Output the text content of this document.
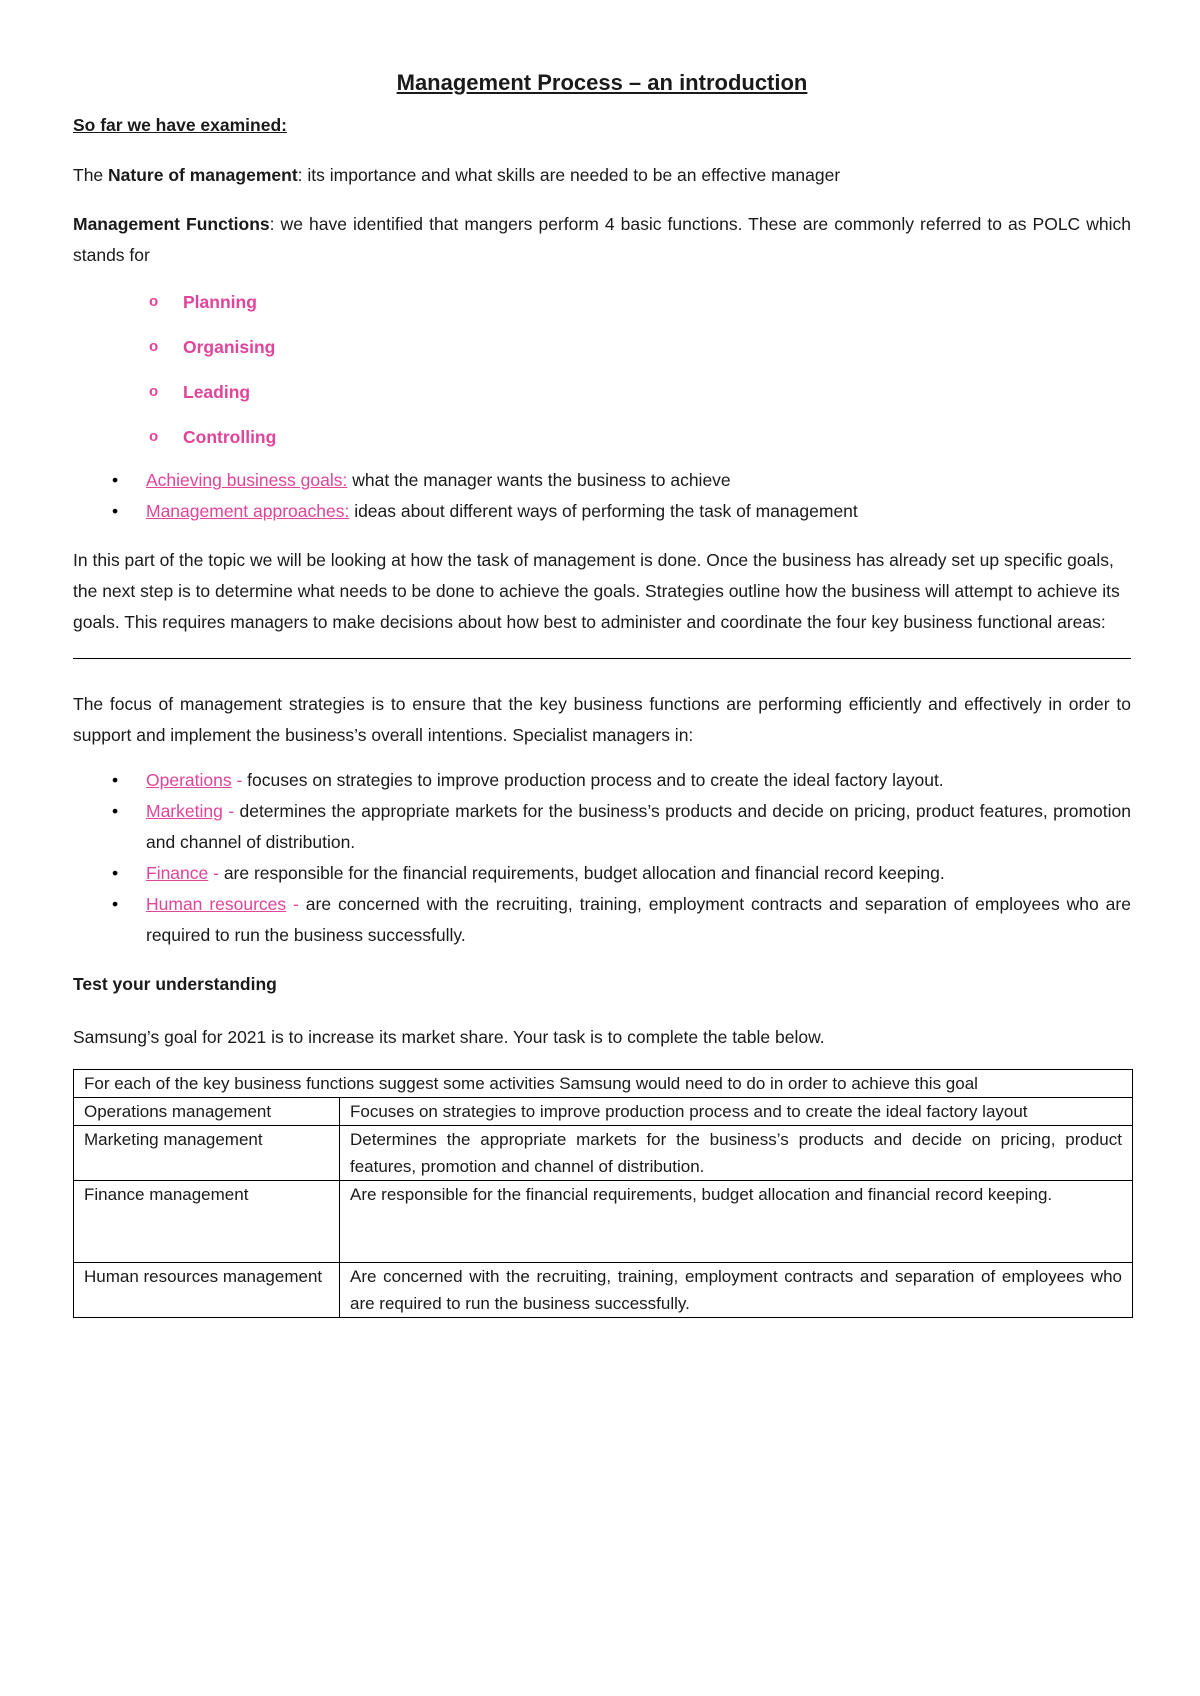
Management Process – an introduction
So far we have examined:

The Nature of management: its importance and what skills are needed to be an effective manager

Management Functions: we have identified that mangers perform 4 basic functions. These are commonly referred to as POLC which stands for

o Planning
o Organising
o Leading
o Controlling
• Achieving business goals: what the manager wants the business to achieve
• Management approaches: ideas about different ways of performing the task of management

In this part of the topic we will be looking at how the task of management is done. Once the business has already set up specific goals, the next step is to determine what needs to be done to achieve the goals. Strategies outline how the business will attempt to achieve its goals. This requires managers to make decisions about how best to administer and coordinate the four key business functional areas:

The focus of management strategies is to ensure that the key business functions are performing efficiently and effectively in order to support and implement the business’s overall intentions. Specialist managers in:

• Operations - focuses on strategies to improve production process and to create the ideal factory layout.
• Marketing - determines the appropriate markets for the business’s products and decide on pricing, product features, promotion and channel of distribution.
• Finance - are responsible for the financial requirements, budget allocation and financial record keeping.
• Human resources - are concerned with the recruiting, training, employment contracts and separation of employees who are required to run the business successfully.

Test your understanding

Samsung’s goal for 2021 is to increase its market share. Your task is to complete the table below.

For each of the key business functions suggest some activities Samsung would need to do in order to achieve this goal	
Operations management	Focuses on strategies to improve production process and to create the ideal factory layout
Marketing management	Determines the appropriate markets for the business’s products and decide on pricing, product features, promotion and channel of distribution.
Finance management	Are responsible for the financial requirements, budget allocation and financial record keeping.
Human resources management	Are concerned with the recruiting, training, employment contracts and separation of employees who are required to run the business successfully.
